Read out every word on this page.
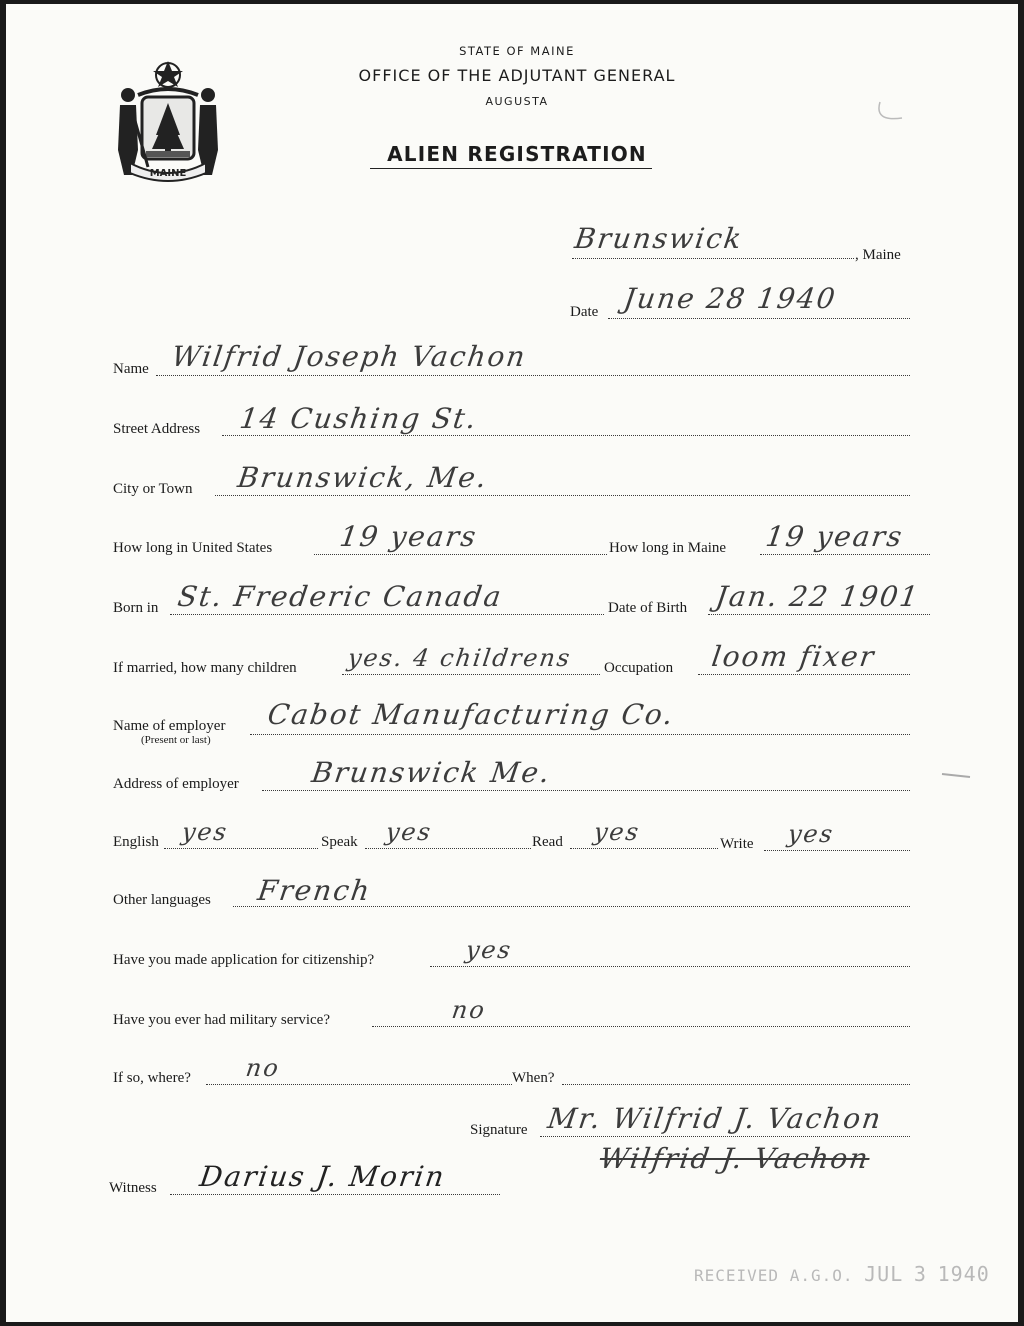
MAINE
STATE OF MAINE
OFFICE OF THE ADJUTANT GENERAL
AUGUSTA
ALIEN REGISTRATION
Brunswick	, Maine
Date June 28 1940
Name Wilfrid Joseph Vachon
Street Address 14 Cushing St.
City or Town Brunswick, Me.
How long in United States 19 years	How long in Maine 19 years
Born in St. Frederic Canada	Date of Birth Jan. 22 1901
If married, how many children yes. 4 childrens Occupation loom fixer
Name of employer
(Present or last)
Cabot Manufacturing Co.
Address of employer	Brunswick Me.
English yes	Speak yes	Read yes	Write yes
Other languages French
Have you made application for citizenship?	yes
Have you ever had military service?	no
If so, where? no	When?
Signature Mr. Wilfrid J. Vachon
Wilfrid J. Vachon
Witness Darius J. Morin
RECEIVED A.G.O. JUL 3 1940
